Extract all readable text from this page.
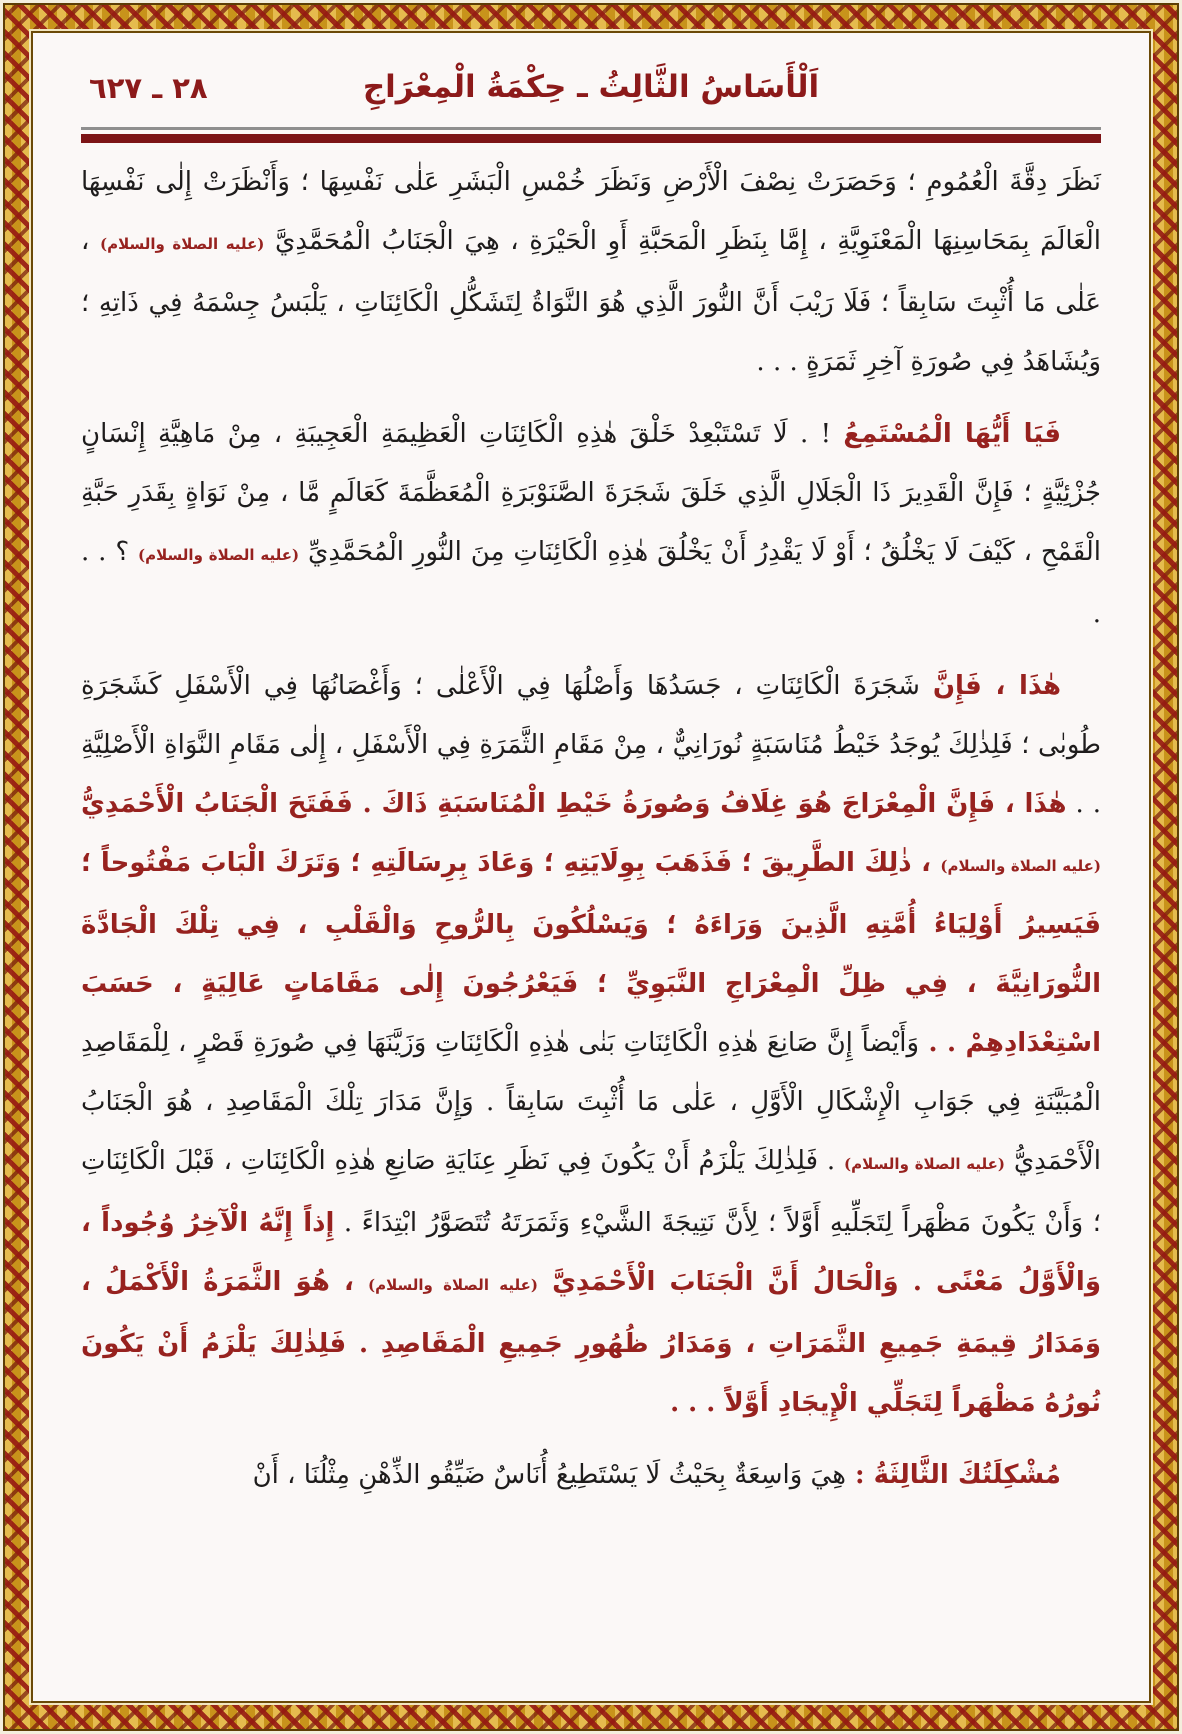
اَلْأَسَاسُ الثَّالِثُ ـ حِكْمَةُ الْمِعْرَاجِ
٢٨ ـ ٦٢٧

نَظَرَ دِقَّةَ الْعُمُومِ ؛ وَحَصَرَتْ نِصْفَ الْأَرْضِ وَنَظَرَ خُمْسِ الْبَشَرِ عَلٰى نَفْسِهَا ؛ وَأَنْظَرَتْ إِلٰى نَفْسِهَا الْعَالَمَ بِمَحَاسِنِهَا الْمَعْنَوِيَّةِ ، إِمَّا بِنَظَرِ الْمَحَبَّةِ أَوِ الْحَيْرَةِ ، هِيَ الْجَنَابُ الْمُحَمَّدِيَّ (عليه الصلاة والسلام) ، عَلٰى مَا أُثْبِتَ سَابِقاً ؛ فَلَا رَيْبَ أَنَّ النُّورَ الَّذِي هُوَ النَّوَاةُ لِتَشَكُّلِ الْكَائِنَاتِ ، يَلْبَسُ جِسْمَهُ فِي ذَاتِهِ ؛ وَيُشَاهَدُ فِي صُورَةِ آخِرِ ثَمَرَةٍ . . .

فَيَا أَيُّهَا الْمُسْتَمِعُ ! . لَا تَسْتَبْعِدْ خَلْقَ هٰذِهِ الْكَائِنَاتِ الْعَظِيمَةِ الْعَجِيبَةِ ، مِنْ مَاهِيَّةِ إِنْسَانٍ جُزْئِيَّةٍ ؛ فَإِنَّ الْقَدِيرَ ذَا الْجَلَالِ الَّذِي خَلَقَ شَجَرَةَ الصَّنَوْبَرَةِ الْمُعَظَّمَةَ كَعَالَمٍ مَّا ، مِنْ نَوَاةٍ بِقَدَرِ حَبَّةِ الْقَمْحِ ، كَيْفَ لَا يَخْلُقُ ؛ أَوْ لَا يَقْدِرُ أَنْ يَخْلُقَ هٰذِهِ الْكَائِنَاتِ مِنَ النُّورِ الْمُحَمَّدِيِّ (عليه الصلاة والسلام) ؟ . . .

هٰذَا ، فَإِنَّ شَجَرَةَ الْكَائِنَاتِ ، جَسَدُهَا وَأَصْلُهَا فِي الْأَعْلٰى ؛ وَأَغْصَانُهَا فِي الْأَسْفَلِ كَشَجَرَةِ طُوبٰى ؛ فَلِذٰلِكَ يُوجَدُ خَيْطُ مُنَاسَبَةٍ نُورَانِيٌّ ، مِنْ مَقَامِ الثَّمَرَةِ فِي الْأَسْفَلِ ، إِلٰى مَقَامِ النَّوَاةِ الْأَصْلِيَّةِ . . هٰذَا ، فَإِنَّ الْمِعْرَاجَ هُوَ غِلَافُ وَصُورَةُ خَيْطِ الْمُنَاسَبَةِ ذَاكَ . فَفَتَحَ الْجَنَابُ الْأَحْمَدِيُّ (عليه الصلاة والسلام) ، ذٰلِكَ الطَّرِيقَ ؛ فَذَهَبَ بِوِلَايَتِهِ ؛ وَعَادَ بِرِسَالَتِهِ ؛ وَتَرَكَ الْبَابَ مَفْتُوحاً ؛ فَيَسِيرُ أَوْلِيَاءُ أُمَّتِهِ الَّذِينَ وَرَاءَهُ ؛ وَيَسْلُكُونَ بِالرُّوحِ وَالْقَلْبِ ، فِي تِلْكَ الْجَادَّةَ النُّورَانِيَّةَ ، فِي ظِلِّ الْمِعْرَاجِ النَّبَوِيِّ ؛ فَيَعْرُجُونَ إِلٰى مَقَامَاتٍ عَالِيَةٍ ، حَسَبَ اسْتِعْدَادِهِمْ . . وَأَيْضاً إِنَّ صَانِعَ هٰذِهِ الْكَائِنَاتِ بَنٰى هٰذِهِ الْكَائِنَاتِ وَزَيَّنَهَا فِي صُورَةِ قَصْرٍ ، لِلْمَقَاصِدِ الْمُبَيَّنَةِ فِي جَوَابِ الْإِشْكَالِ الْأَوَّلِ ، عَلٰى مَا أُثْبِتَ سَابِقاً . وَإِنَّ مَدَارَ تِلْكَ الْمَقَاصِدِ ، هُوَ الْجَنَابُ الْأَحْمَدِيُّ (عليه الصلاة والسلام) . فَلِذٰلِكَ يَلْزَمُ أَنْ يَكُونَ فِي نَظَرِ عِنَايَةِ صَانِعِ هٰذِهِ الْكَائِنَاتِ ، قَبْلَ الْكَائِنَاتِ ؛ وَأَنْ يَكُونَ مَظْهَراً لِتَجَلِّيهِ أَوَّلاً ؛ لِأَنَّ نَتِيجَةَ الشَّيْءِ وَثَمَرَتَهُ تُتَصَوَّرُ ابْتِدَاءً . إِذاً إِنَّهُ الْآخِرُ وُجُوداً ، وَالْأَوَّلُ مَعْنًى . وَالْحَالُ أَنَّ الْجَنَابَ الْأَحْمَدِيَّ (عليه الصلاة والسلام) ، هُوَ الثَّمَرَةُ الْأَكْمَلُ ، وَمَدَارُ قِيمَةِ جَمِيعِ الثَّمَرَاتِ ، وَمَدَارُ ظُهُورِ جَمِيعِ الْمَقَاصِدِ . فَلِذٰلِكَ يَلْزَمُ أَنْ يَكُونَ نُورُهُ مَظْهَراً لِتَجَلِّي الْإِيجَادِ أَوَّلاً . . .

مُشْكِلَتُكَ الثَّالِثَةُ : هِيَ وَاسِعَةٌ بِحَيْثُ لَا يَسْتَطِيعُ أُنَاسٌ ضَيِّقُو الذِّهْنِ مِثْلُنَا ، أَنْ
